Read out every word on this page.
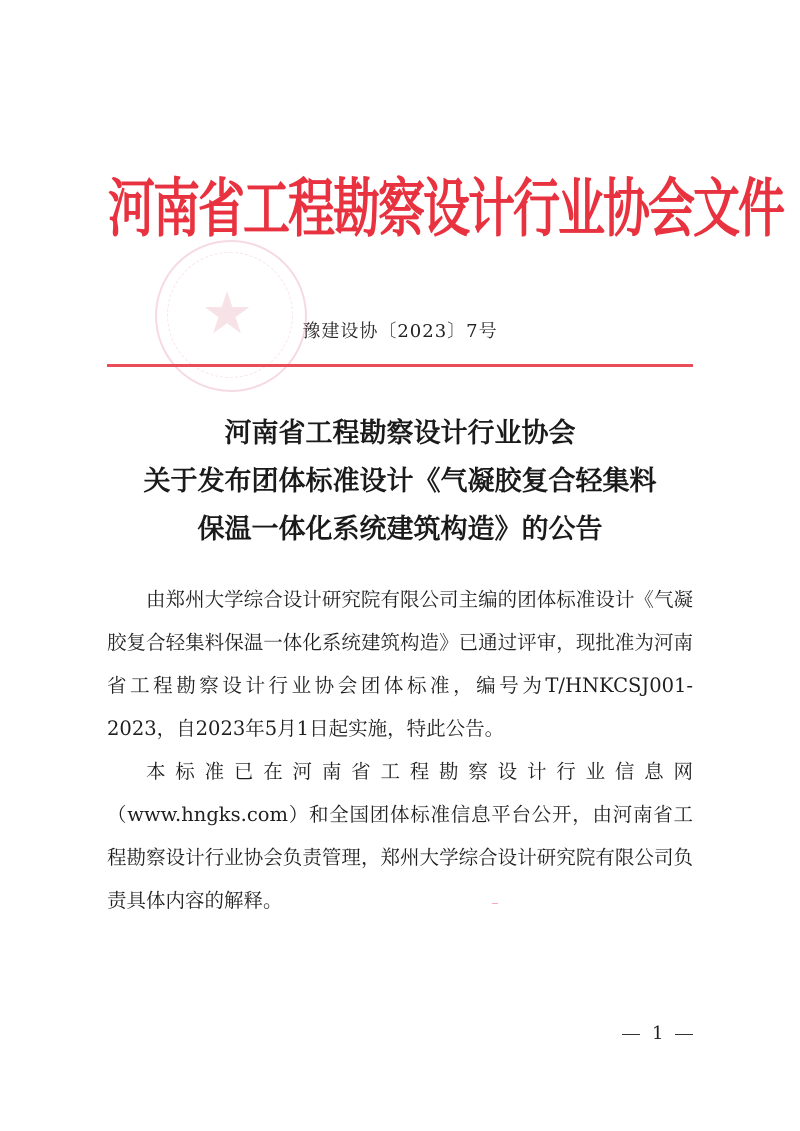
河南省工程勘察设计行业协会文件
★	豫建设协〔2023〕7号
河南省工程勘察设计行业协会
关于发布团体标准设计《气凝胶复合轻集料
保温一体化系统建筑构造》的公告

由郑州大学综合设计研究院有限公司主编的团体标准设计《气凝胶复合轻集料保温一体化系统建筑构造》已通过评审，现批准为河南省工程勘察设计行业协会团体标准，编号为T/HNKCSJ001-2023，自2023年5月1日起实施，特此公告。

本标准已在河南省工程勘察设计行业信息网（www.hngks.com）和全国团体标准信息平台公开，由河南省工程勘察设计行业协会负责管理，郑州大学综合设计研究院有限公司负责具体内容的解释。

1
